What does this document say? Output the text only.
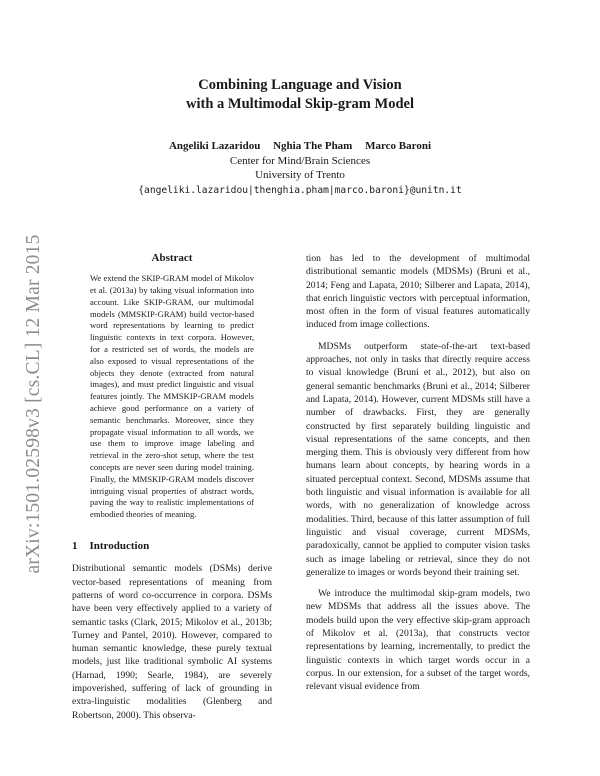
arXiv:1501.02598v3 [cs.CL] 12 Mar 2015
Combining Language and Vision
with a Multimodal Skip-gram Model
Angeliki Lazaridou Nghia The Pham Marco Baroni
Center for Mind/Brain Sciences
University of Trento
{angeliki.lazaridou|thenghia.pham|marco.baroni}@unitn.it
Abstract

We extend the SKIP-GRAM model of Mikolov et al. (2013a) by taking visual information into account. Like SKIP-GRAM, our multimodal models (MMSKIP-GRAM) build vector-based word representations by learning to predict linguistic contexts in text corpora. However, for a restricted set of words, the models are also exposed to visual representations of the objects they denote (extracted from natural images), and must predict linguistic and visual features jointly. The MMSKIP-GRAM models achieve good performance on a variety of semantic benchmarks. Moreover, since they propagate visual information to all words, we use them to improve image labeling and retrieval in the zero-shot setup, where the test concepts are never seen during model training. Finally, the MMSKIP-GRAM models discover intriguing visual properties of abstract words, paving the way to realistic implementations of embodied theories of meaning.

1 Introduction

Distributional semantic models (DSMs) derive vector-based representations of meaning from patterns of word co-occurrence in corpora. DSMs have been very effectively applied to a variety of semantic tasks (Clark, 2015; Mikolov et al., 2013b; Turney and Pantel, 2010). However, compared to human semantic knowledge, these purely textual models, just like traditional symbolic AI systems (Harnad, 1990; Searle, 1984), are severely impoverished, suffering of lack of grounding in extra-linguistic modalities (Glenberg and Robertson, 2000). This observa-

tion has led to the development of multimodal distributional semantic models (MDSMs) (Bruni et al., 2014; Feng and Lapata, 2010; Silberer and Lapata, 2014), that enrich linguistic vectors with perceptual information, most often in the form of visual features automatically induced from image collections.

MDSMs outperform state-of-the-art text-based approaches, not only in tasks that directly require access to visual knowledge (Bruni et al., 2012), but also on general semantic benchmarks (Bruni et al., 2014; Silberer and Lapata, 2014). However, current MDSMs still have a number of drawbacks. First, they are generally constructed by first separately building linguistic and visual representations of the same concepts, and then merging them. This is obviously very different from how humans learn about concepts, by hearing words in a situated perceptual context. Second, MDSMs assume that both linguistic and visual information is available for all words, with no generalization of knowledge across modalities. Third, because of this latter assumption of full linguistic and visual coverage, current MDSMs, paradoxically, cannot be applied to computer vision tasks such as image labeling or retrieval, since they do not generalize to images or words beyond their training set.

We introduce the multimodal skip-gram models, two new MDSMs that address all the issues above. The models build upon the very effective skip-gram approach of Mikolov et al. (2013a), that constructs vector representations by learning, incrementally, to predict the linguistic contexts in which target words occur in a corpus. In our extension, for a subset of the target words, relevant visual evidence from
